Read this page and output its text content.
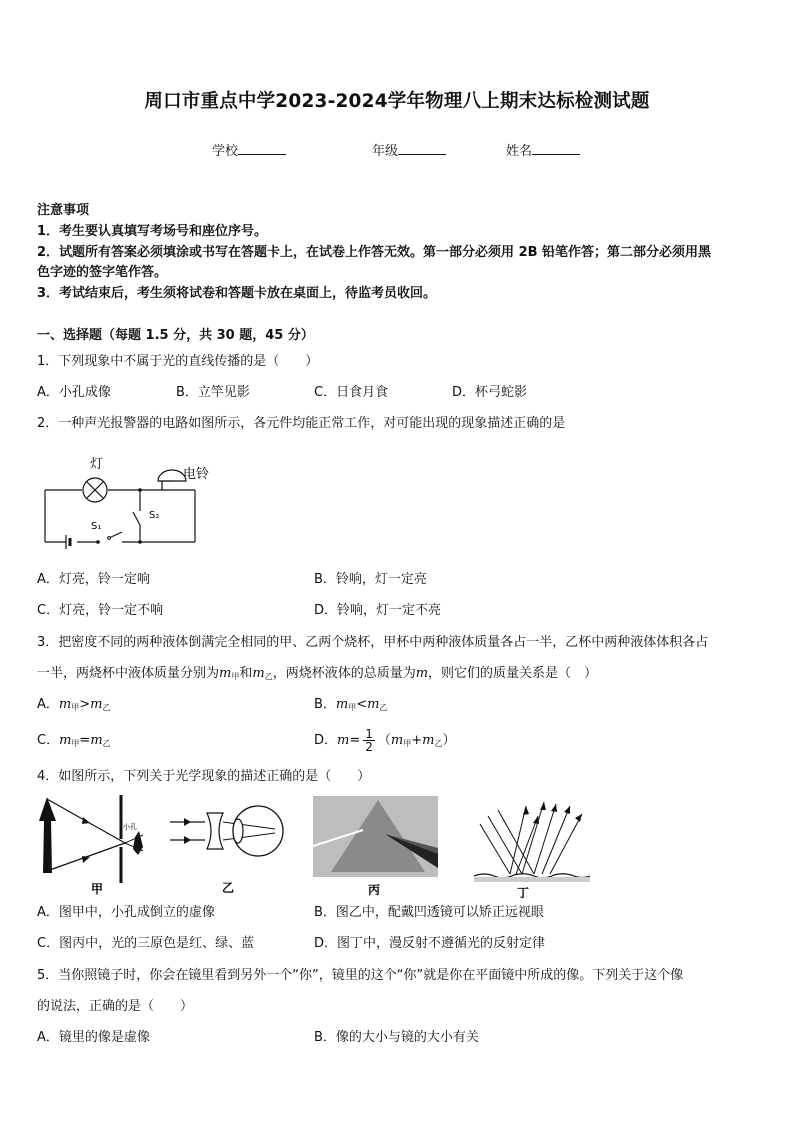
周口市重点中学2023-2024学年物理八上期末达标检测试题
学校	年级	姓名
注意事项
1．考生要认真填写考场号和座位序号。
2．试题所有答案必须填涂或书写在答题卡上，在试卷上作答无效。第一部分必须用 2B 铅笔作答；第二部分必须用黑
色字迹的签字笔作答。
3．考试结束后，考生须将试卷和答题卡放在桌面上，待监考员收回。
一、选择题（每题 1.5 分，共 30 题，45 分）
1．下列现象中不属于光的直线传播的是（　　）
A．小孔成像	B．立竿见影	C．日食月食	D．杯弓蛇影
2．一种声光报警器的电路如图所示，各元件均能正常工作，对可能出现的现象描述正确的是
灯
电铃
S₁
S₂
A．灯亮，铃一定响	B．铃响，灯一定亮
C．灯亮，铃一定不响	D．铃响，灯一定不亮
3．把密度不同的两种液体倒满完全相同的甲、乙两个烧杯，甲杯中两种液体质量各占一半，乙杯中两种液体体积各占
一半，两烧杯中液体质量分别为$m_甲$和$m_乙$，两烧杯液体的总质量为m，则它们的质量关系是（　）
A．$m_甲>m_乙$	B．$m_甲<m_乙$
C．$m_甲=m_乙$	D．$m= \frac{1}{2} (m_甲+m_乙)$
4．如图所示，下列关于光学现象的描述正确的是（　　）
小孔
甲	乙	丙	丁
A．图甲中，小孔成倒立的虚像	B．图乙中，配戴凹透镜可以矫正远视眼
C．图丙中，光的三原色是红、绿、蓝	D．图丁中，漫反射不遵循光的反射定律
5．当你照镜子时，你会在镜里看到另外一个“你”，镜里的这个“你”就是你在平面镜中所成的像。下列关于这个像
的说法，正确的是（　　）
A．镜里的像是虚像	B．像的大小与镜的大小有关
